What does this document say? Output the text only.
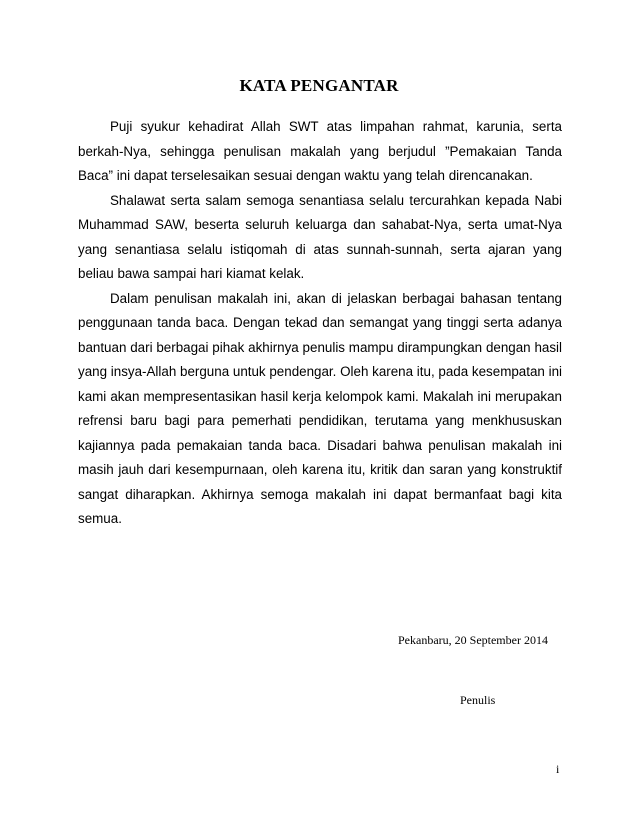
KATA PENGANTAR

Puji syukur kehadirat Allah SWT atas limpahan rahmat, karunia, serta berkah-Nya, sehingga penulisan makalah yang berjudul ”Pemakaian Tanda Baca” ini dapat terselesaikan sesuai dengan waktu yang telah direncanakan.

Shalawat serta salam semoga senantiasa selalu tercurahkan kepada Nabi Muhammad SAW, beserta seluruh keluarga dan sahabat-Nya, serta umat-Nya yang senantiasa selalu istiqomah di atas sunnah-sunnah, serta ajaran yang beliau bawa sampai hari kiamat kelak.

Dalam penulisan makalah ini, akan di jelaskan berbagai bahasan tentang penggunaan tanda baca. Dengan tekad dan semangat yang tinggi serta adanya bantuan dari berbagai pihak akhirnya penulis mampu dirampungkan dengan hasil yang insya-Allah berguna untuk pendengar. Oleh karena itu, pada kesempatan ini kami akan mempresentasikan hasil kerja kelompok kami. Makalah ini merupakan refrensi baru bagi para pemerhati pendidikan, terutama yang menkhususkan kajiannya pada pemakaian tanda baca. Disadari bahwa penulisan makalah ini masih jauh dari kesempurnaan, oleh karena itu, kritik dan saran yang konstruktif sangat diharapkan. Akhirnya semoga makalah ini dapat bermanfaat bagi kita semua.

Pekanbaru, 20 September 2014
Penulis
i
